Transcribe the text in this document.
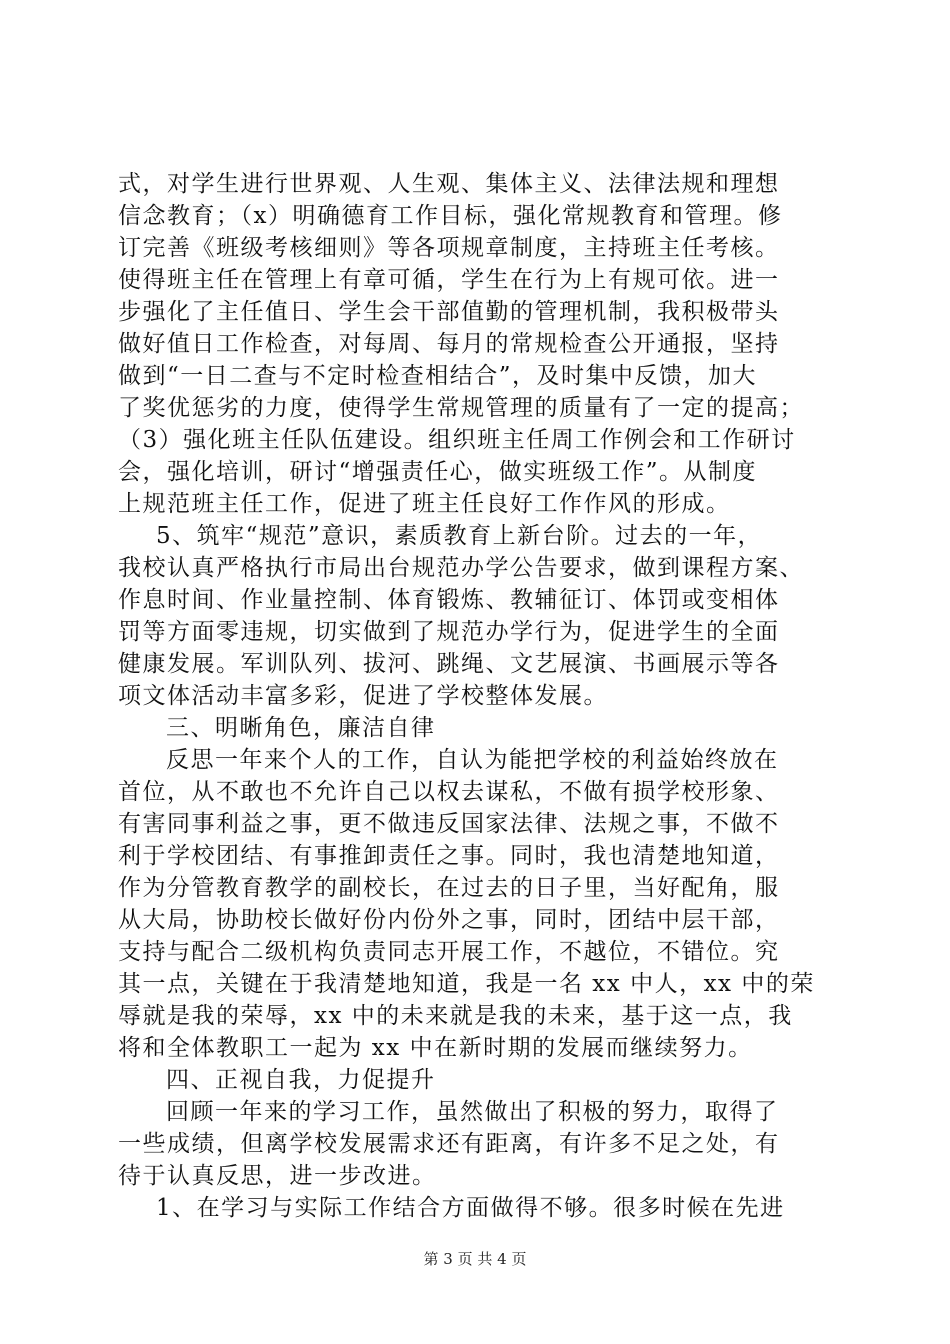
式，对学生进行世界观、人生观、集体主义、法律法规和理想
信念教育；（x）明确德育工作目标，强化常规教育和管理。修
订完善《班级考核细则》等各项规章制度，主持班主任考核。
使得班主任在管理上有章可循，学生在行为上有规可依。进一
步强化了主任值日、学生会干部值勤的管理机制，我积极带头
做好值日工作检查，对每周、每月的常规检查公开通报，坚持
做到“一日二查与不定时检查相结合”，及时集中反馈，加大
了奖优惩劣的力度，使得学生常规管理的质量有了一定的提高；
（3）强化班主任队伍建设。组织班主任周工作例会和工作研讨
会，强化培训，研讨“增强责任心，做实班级工作”。从制度
上规范班主任工作，促进了班主任良好工作作风的形成。
5、筑牢“规范”意识，素质教育上新台阶。过去的一年，
我校认真严格执行市局出台规范办学公告要求，做到课程方案、
作息时间、作业量控制、体育锻炼、教辅征订、体罚或变相体
罚等方面零违规，切实做到了规范办学行为，促进学生的全面
健康发展。军训队列、拔河、跳绳、文艺展演、书画展示等各
项文体活动丰富多彩，促进了学校整体发展。
三、明晰角色，廉洁自律
反思一年来个人的工作，自认为能把学校的利益始终放在
首位，从不敢也不允许自己以权去谋私，不做有损学校形象、
有害同事利益之事，更不做违反国家法律、法规之事，不做不
利于学校团结、有事推卸责任之事。同时，我也清楚地知道，
作为分管教育教学的副校长，在过去的日子里，当好配角，服
从大局，协助校长做好份内份外之事，同时，团结中层干部，
支持与配合二级机构负责同志开展工作，不越位，不错位。究
其一点，关键在于我清楚地知道，我是一名 xx 中人，xx 中的荣
辱就是我的荣辱，xx 中的未来就是我的未来，基于这一点，我
将和全体教职工一起为 xx 中在新时期的发展而继续努力。
四、正视自我，力促提升
回顾一年来的学习工作，虽然做出了积极的努力，取得了
一些成绩，但离学校发展需求还有距离，有许多不足之处，有
待于认真反思，进一步改进。
1、在学习与实际工作结合方面做得不够。很多时候在先进
第 3 页 共 4 页
